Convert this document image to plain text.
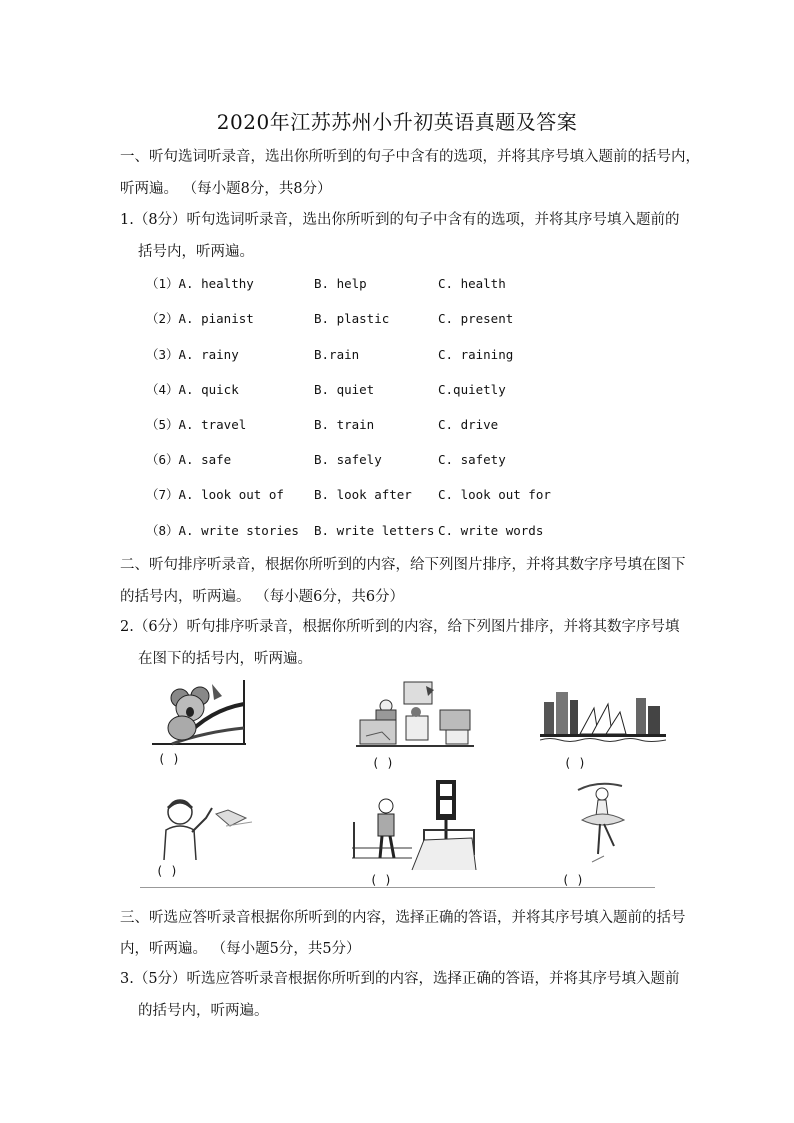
2020年江苏苏州小升初英语真题及答案
一、听句选词听录音，选出你所听到的句子中含有的选项，并将其序号填入题前的括号内，
听两遍。 （每小题8分，共8分）
1.（8分）听句选词听录音，选出你所听到的句子中含有的选项，并将其序号填入题前的
括号内，听两遍。
（1）A. healthy	B. help	C. health
（2）A. pianist	B. plastic	C. present
（3）A. rainy	B.rain	C. raining
（4）A. quick	B. quiet	C.quietly
（5）A. travel	B. train	C. drive
（6）A. safe	B. safely	C. safety
（7）A. look out of B. look after C. look out for
（8）A. write stories B. write letters C. write words
二、听句排序听录音，根据你所听到的内容，给下列图片排序，并将其数字序号填在图下
的括号内，听两遍。 （每小题6分，共6分）
2.（6分）听句排序听录音，根据你所听到的内容，给下列图片排序，并将其数字序号填
在图下的括号内，听两遍。
( )	( )	( )
( )
( )	( )
三、听选应答听录音根据你所听到的内容，选择正确的答语，并将其序号填入题前的括号
内，听两遍。 （每小题5分，共5分）
3.（5分）听选应答听录音根据你所听到的内容，选择正确的答语，并将其序号填入题前
的括号内，听两遍。
